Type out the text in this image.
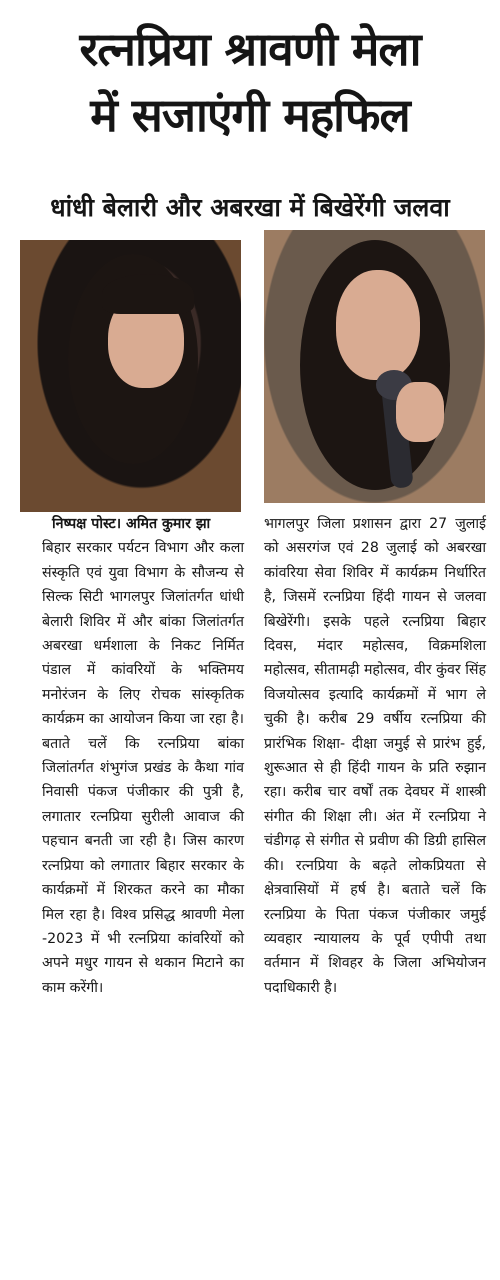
रत्नप्रिया श्रावणी मेला
में सजाएंगी महफिल
धांधी बेलारी और अबरखा में बिखेरेंगी जलवा

निष्पक्ष पोस्ट। अमित कुमार झा

बिहार सरकार पर्यटन विभाग और कला संस्कृति एवं युवा विभाग के सौजन्य से सिल्क सिटी भागलपुर जिलांतर्गत धांधी बेलारी शिविर में और बांका जिलांतर्गत अबरखा धर्मशाला के निकट निर्मित पंडाल में कांवरियों के भक्तिमय मनोरंजन के लिए रोचक सांस्कृतिक कार्यक्रम का आयोजन किया जा रहा है। बताते चलें कि रत्नप्रिया बांका जिलांतर्गत शंभुगंज प्रखंड के कैथा गांव निवासी पंकज पंजीकार की पुत्री है, लगातार रत्नप्रिया सुरीली आवाज की पहचान बनती जा रही है। जिस कारण रत्नप्रिया को लगातार बिहार सरकार के कार्यक्रमों में शिरकत करने का मौका मिल रहा है। विश्व प्रसिद्ध श्रावणी मेला -2023 में भी रत्नप्रिया कांवरियों को अपने मधुर गायन से थकान मिटाने का काम करेंगी।

भागलपुर जिला प्रशासन द्वारा 27 जुलाई को असरगंज एवं 28 जुलाई को अबरखा कांवरिया सेवा शिविर में कार्यक्रम निर्धारित है, जिसमें रत्नप्रिया हिंदी गायन से जलवा बिखेरेंगी। इसके पहले रत्नप्रिया बिहार दिवस, मंदार महोत्सव, विक्रमशिला महोत्सव, सीतामढ़ी महोत्सव, वीर कुंवर सिंह विजयोत्सव इत्यादि कार्यक्रमों में भाग ले चुकी है। करीब 29 वर्षीय रत्नप्रिया की प्रारंभिक शिक्षा- दीक्षा जमुई से प्रारंभ हुई, शुरूआत से ही हिंदी गायन के प्रति रुझान रहा। करीब चार वर्षों तक देवघर में शास्त्री संगीत की शिक्षा ली। अंत में रत्नप्रिया ने चंडीगढ़ से संगीत से प्रवीण की डिग्री हासिल की। रत्नप्रिया के बढ़ते लोकप्रियता से क्षेत्रवासियों में हर्ष है। बताते चलें कि रत्नप्रिया के पिता पंकज पंजीकार जमुई व्यवहार न्यायालय के पूर्व एपीपी तथा वर्तमान में शिवहर के जिला अभियोजन पदाधिकारी है।
